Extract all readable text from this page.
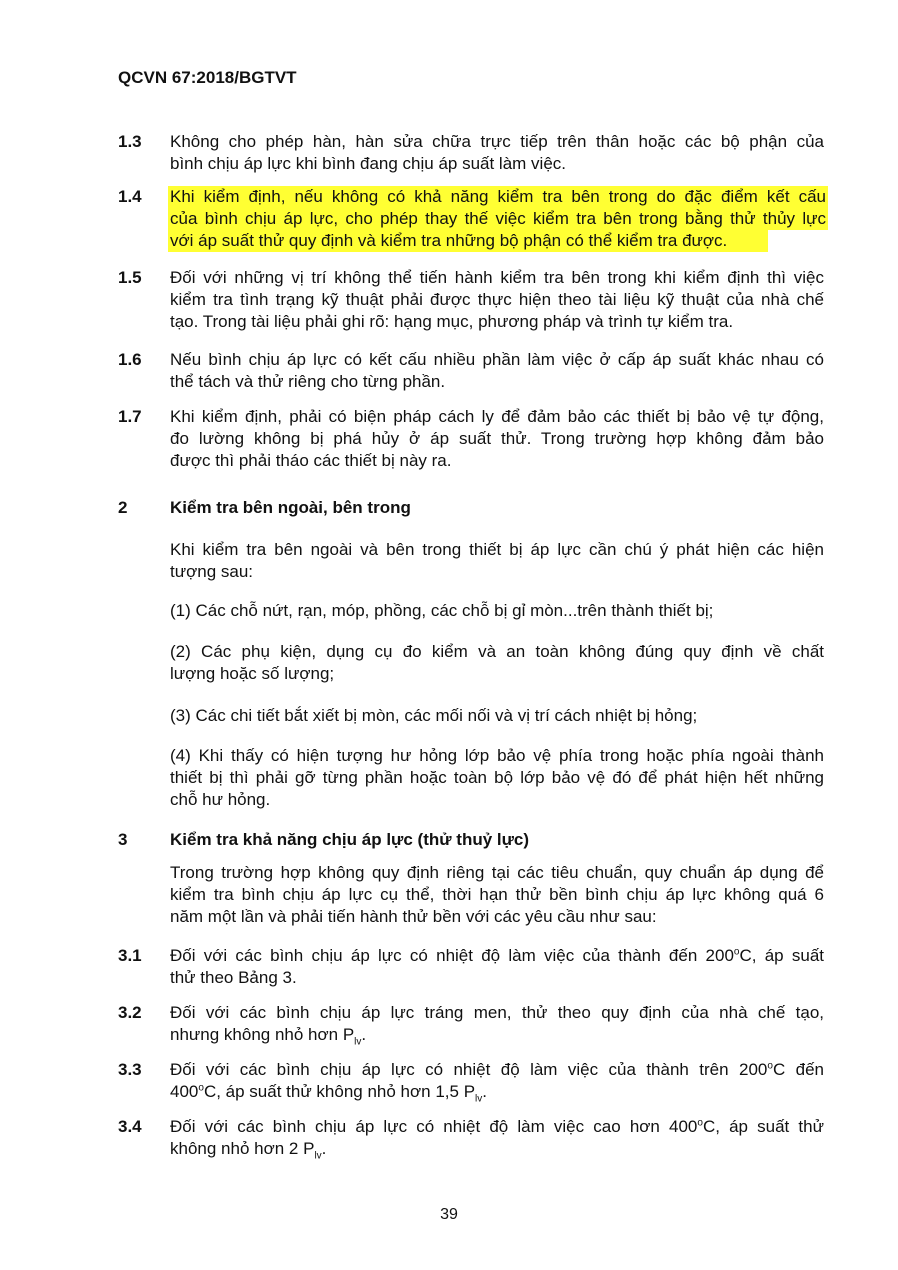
QCVN 67:2018/BGTVT
1.3	Không cho phép hàn, hàn sửa chữa trực tiếp trên thân hoặc các bộ phận của
bình chịu áp lực khi bình đang chịu áp suất làm việc.
1.4	Khi kiểm định, nếu không có khả năng kiểm tra bên trong do đặc điểm kết cấu
của bình chịu áp lực, cho phép thay thế việc kiểm tra bên trong bằng thử thủy lực
với áp suất thử quy định và kiểm tra những bộ phận có thể kiểm tra được.
1.5	Đối với những vị trí không thể tiến hành kiểm tra bên trong khi kiểm định thì việc
kiểm tra tình trạng kỹ thuật phải được thực hiện theo tài liệu kỹ thuật của nhà chế
tạo. Trong tài liệu phải ghi rõ: hạng mục, phương pháp và trình tự kiểm tra.
1.6	Nếu bình chịu áp lực có kết cấu nhiều phần làm việc ở cấp áp suất khác nhau có
thể tách và thử riêng cho từng phần.
1.7	Khi kiểm định, phải có biện pháp cách ly để đảm bảo các thiết bị bảo vệ tự động,
đo lường không bị phá hủy ở áp suất thử. Trong trường hợp không đảm bảo
được thì phải tháo các thiết bị này ra.
2	Kiểm tra bên ngoài, bên trong
Khi kiểm tra bên ngoài và bên trong thiết bị áp lực cần chú ý phát hiện các hiện
tượng sau:
(1) Các chỗ nứt, rạn, móp, phồng, các chỗ bị gỉ mòn...trên thành thiết bị;
(2) Các phụ kiện, dụng cụ đo kiểm và an toàn không đúng quy định về chất
lượng hoặc số lượng;
(3) Các chi tiết bắt xiết bị mòn, các mối nối và vị trí cách nhiệt bị hỏng;
(4) Khi thấy có hiện tượng hư hỏng lớp bảo vệ phía trong hoặc phía ngoài thành
thiết bị thì phải gỡ từng phần hoặc toàn bộ lớp bảo vệ đó để phát hiện hết những
chỗ hư hỏng.
3	Kiểm tra khả năng chịu áp lực (thử thuỷ lực)
Trong trường hợp không quy định riêng tại các tiêu chuẩn, quy chuẩn áp dụng để
kiểm tra bình chịu áp lực cụ thể, thời hạn thử bền bình chịu áp lực không quá 6
năm một lần và phải tiến hành thử bền với các yêu cầu như sau:
3.1	Đối với các bình chịu áp lực có nhiệt độ làm việc của thành đến 200$^o$C, áp suất
thử theo Bảng 3.
3.2	Đối với các bình chịu áp lực tráng men, thử theo quy định của nhà chế tạo,
nhưng không nhỏ hơn $P_{lv}$.
3.3	Đối với các bình chịu áp lực có nhiệt độ làm việc của thành trên 200$^o$C đến
400$^o$C, áp suất thử không nhỏ hơn 1,5 $P_{lv}$.
3.4	Đối với các bình chịu áp lực có nhiệt độ làm việc cao hơn 400$^o$C, áp suất thử
không nhỏ hơn 2 $P_{lv}$.
39
